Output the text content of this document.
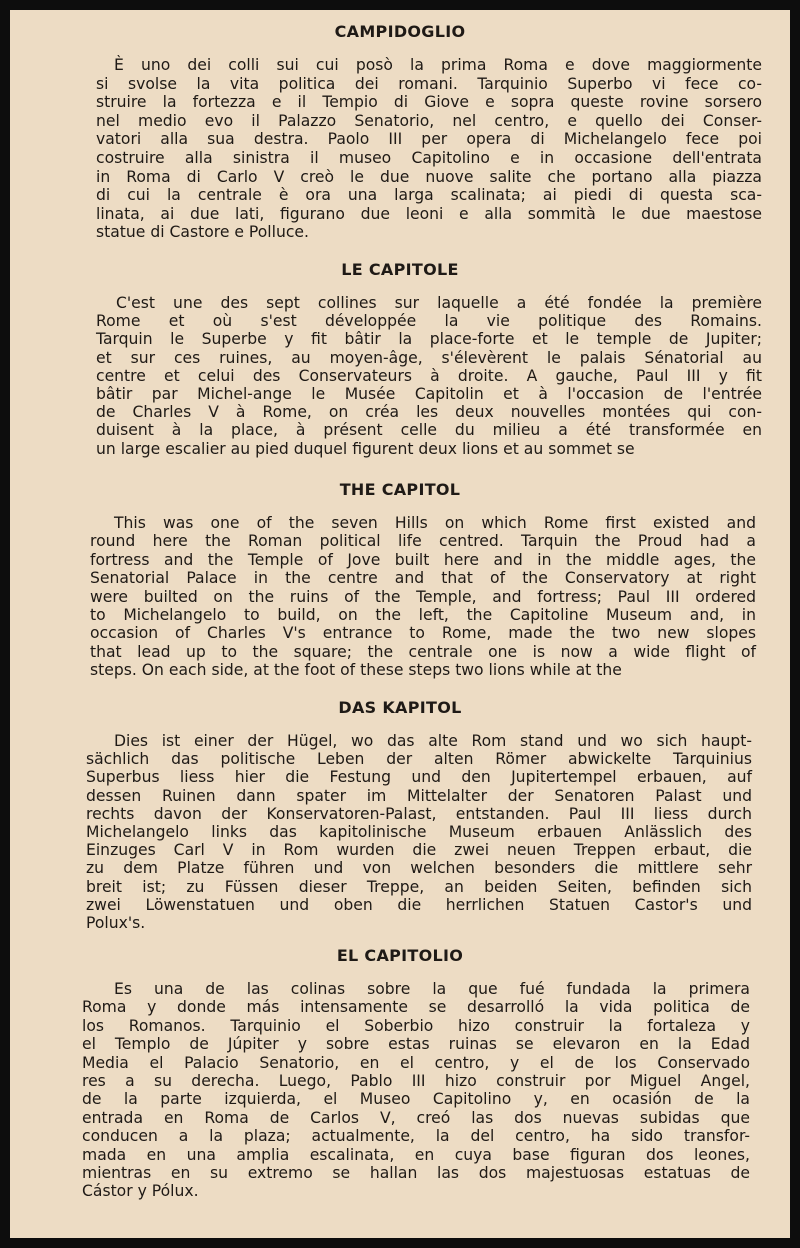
CAMPIDOGLIO
È uno dei colli sui cui posò la prima Roma e dove maggiormente
si svolse la vita politica dei romani. Tarquinio Superbo vi fece co-
struire la fortezza e il Tempio di Giove e sopra queste rovine sorsero
nel medio evo il Palazzo Senatorio, nel centro, e quello dei Conser-
vatori alla sua destra. Paolo III per opera di Michelangelo fece poi
costruire alla sinistra il museo Capitolino e in occasione dell'entrata
in Roma di Carlo V creò le due nuove salite che portano alla piazza
di cui la centrale è ora una larga scalinata; ai piedi di questa sca-
linata, ai due lati, figurano due leoni e alla sommità le due maestose
statue di Castore e Polluce.
LE CAPITOLE
C'est une des sept collines sur laquelle a été fondée la première
Rome et où s'est développée la vie politique des Romains.
Tarquin le Superbe y fit bâtir la place-forte et le temple de Jupiter;
et sur ces ruines, au moyen-âge, s'élevèrent le palais Sénatorial au
centre et celui des Conservateurs à droite. A gauche, Paul III y fit
bâtir par Michel-ange le Musée Capitolin et à l'occasion de l'entrée
de Charles V à Rome, on créa les deux nouvelles montées qui con-
duisent à la place, à présent celle du milieu a été transformée en
un large escalier au pied duquel figurent deux lions et au sommet se
THE CAPITOL
This was one of the seven Hills on which Rome first existed and
round here the Roman political life centred. Tarquin the Proud had a
fortress and the Temple of Jove built here and in the middle ages, the
Senatorial Palace in the centre and that of the Conservatory at right
were builted on the ruins of the Temple, and fortress; Paul III ordered
to Michelangelo to build, on the left, the Capitoline Museum and, in
occasion of Charles V's entrance to Rome, made the two new slopes
that lead up to the square; the centrale one is now a wide flight of
steps. On each side, at the foot of these steps two lions while at the
DAS KAPITOL
Dies ist einer der Hügel, wo das alte Rom stand und wo sich haupt-
sächlich das politische Leben der alten Römer abwickelte Tarquinius
Superbus liess hier die Festung und den Jupitertempel erbauen, auf
dessen Ruinen dann spater im Mittelalter der Senatoren Palast und
rechts davon der Konservatoren-Palast, entstanden. Paul III liess durch
Michelangelo links das kapitolinische Museum erbauen Anlässlich des
Einzuges Carl V in Rom wurden die zwei neuen Treppen erbaut, die
zu dem Platze führen und von welchen besonders die mittlere sehr
breit ist; zu Füssen dieser Treppe, an beiden Seiten, befinden sich
zwei Löwenstatuen und oben die herrlichen Statuen Castor's und
Polux's.
EL CAPITOLIO
Es una de las colinas sobre la que fué fundada la primera
Roma y donde más intensamente se desarrolló la vida politica de
los Romanos. Tarquinio el Soberbio hizo construir la fortaleza y
el Templo de Júpiter y sobre estas ruinas se elevaron en la Edad
Media el Palacio Senatorio, en el centro, y el de los Conservado
res a su derecha. Luego, Pablo III hizo construir por Miguel Angel,
de la parte izquierda, el Museo Capitolino y, en ocasión de la
entrada en Roma de Carlos V, creó las dos nuevas subidas que
conducen a la plaza; actualmente, la del centro, ha sido transfor-
mada en una amplia escalinata, en cuya base figuran dos leones,
mientras en su extremo se hallan las dos majestuosas estatuas de
Cástor y Pólux.
